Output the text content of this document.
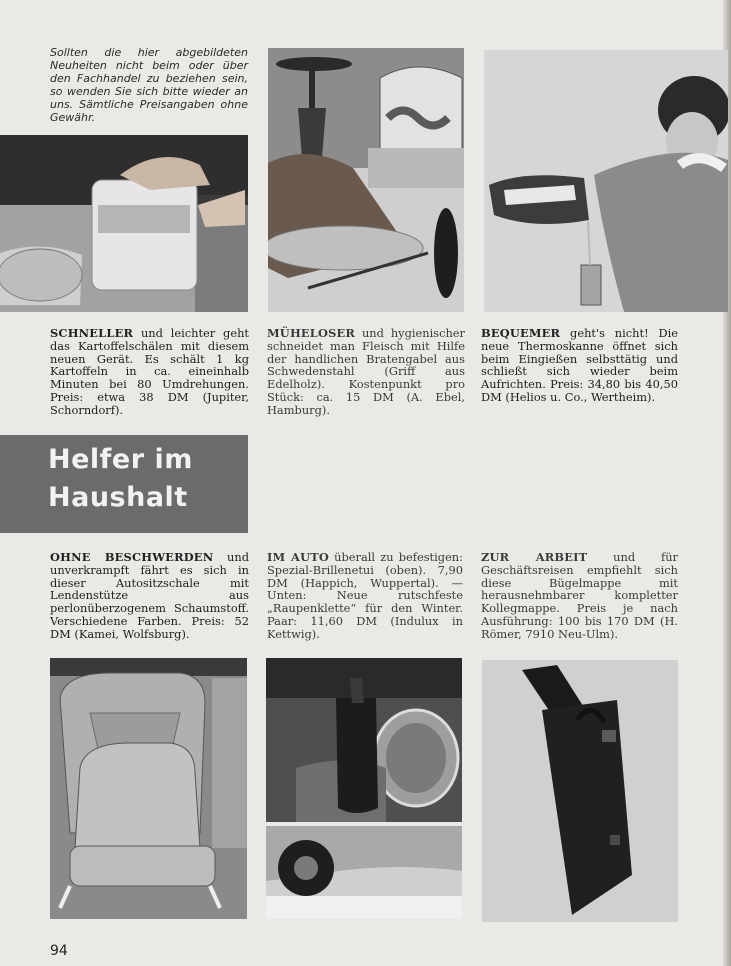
Sollten die hier abgebildeten Neuheiten nicht beim oder über den Fachhandel zu beziehen sein, so wenden Sie sich bitte wieder an uns. Sämtliche Preisangaben ohne Gewähr.
SCHNELLER und leichter geht das Kartoffelschälen mit diesem neuen Gerät. Es schält 1 kg Kartoffeln in ca. eineinhalb Minuten bei 80 Umdrehungen. Preis: etwa 38 DM (Jupiter, Schorndorf).
MÜHELOSER und hygienischer schneidet man Fleisch mit Hilfe der handlichen Bratengabel aus Schwedenstahl (Griff aus Edelholz). Kostenpunkt pro Stück: ca. 15 DM (A. Ebel, Hamburg).
BEQUEMER geht's nicht! Die neue Thermoskanne öffnet sich beim Eingießen selbsttätig und schließt sich wieder beim Aufrichten. Preis: 34,80 bis 40,50 DM (Helios u. Co., Wertheim).
Helfer im
Haushalt
OHNE BESCHWERDEN und unverkrampft fährt es sich in dieser Autositzschale mit Lendenstütze aus perlonüberzogenem Schaumstoff. Verschiedene Farben. Preis: 52 DM (Kamei, Wolfsburg).
IM AUTO überall zu befestigen: Spezial-Brillenetui (oben). 7,90 DM (Happich, Wuppertal). — Unten: Neue rutschfeste „Raupenklette“ für den Winter. Paar: 11,60 DM (Indulux in Kettwig).
ZUR ARBEIT und für Geschäftsreisen empfiehlt sich diese Bügelmappe mit herausnehmbarer kompletter Kollegmappe. Preis je nach Ausführung: 100 bis 170 DM (H. Römer, 7910 Neu-Ulm).
94
